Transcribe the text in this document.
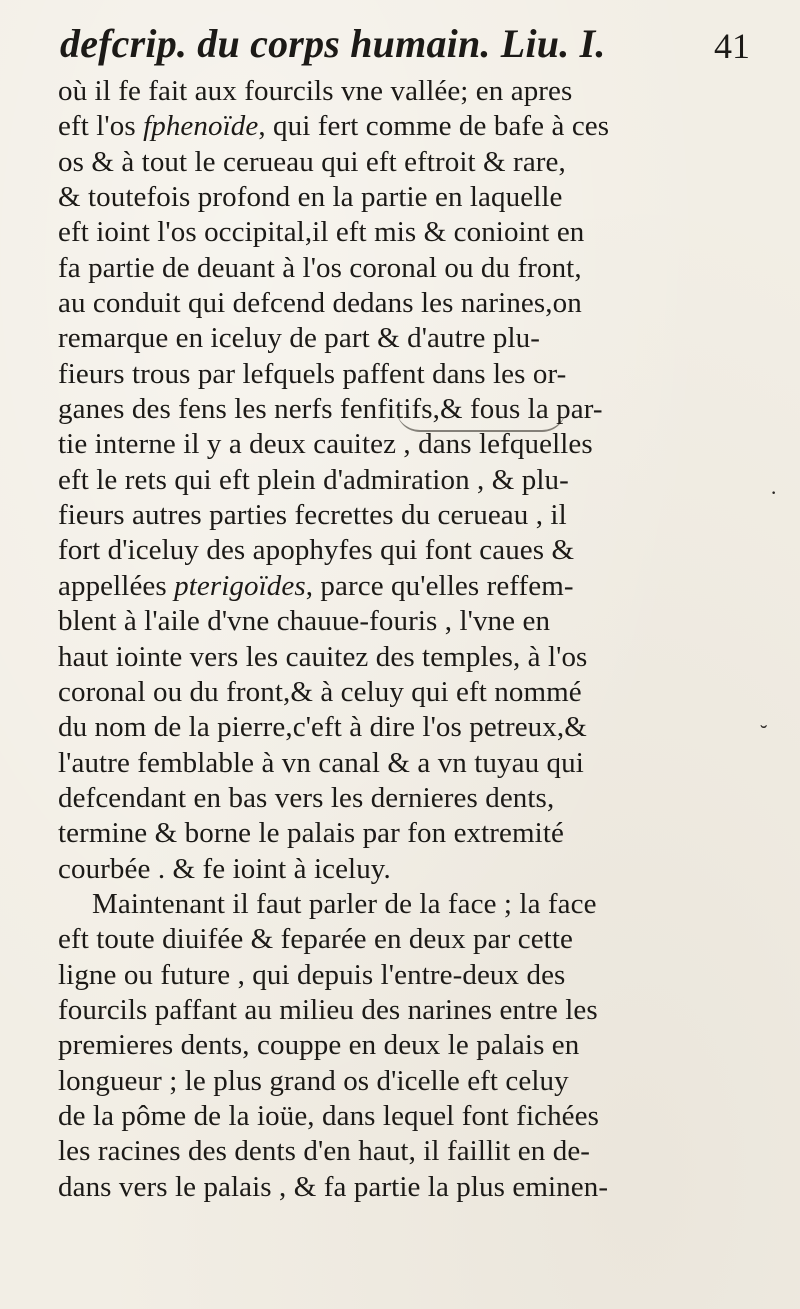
defcrip. du corps humain. Liu. I.	41
où il fe fait aux fourcils vne vallée; en apres
eft l'os fphenoïde, qui fert comme de bafe à ces
os & à tout le cerueau qui eft eftroit & rare,
& toutefois profond en la partie en laquelle
eft ioint l'os occipital,il eft mis & conioint en
fa partie de deuant à l'os coronal ou du front,
au conduit qui defcend dedans les narines,on
remarque en iceluy de part & d'autre plu-
fieurs trous par lefquels paffent dans les or-
ganes des fens les nerfs fenfitifs,& fous la par-
tie interne il y a deux cauitez , dans lefquelles
eft le rets qui eft plein d'admiration , & plu-
fieurs autres parties fecrettes du cerueau , il
fort d'iceluy des apophyfes qui font caues &
appellées pterigoïdes, parce qu'elles reffem-
blent à l'aile d'vne chauue-fouris , l'vne en
haut iointe vers les cauitez des temples, à l'os
coronal ou du front,& à celuy qui eft nommé
du nom de la pierre,c'eft à dire l'os petreux,&
l'autre femblable à vn canal & a vn tuyau qui
defcendant en bas vers les dernieres dents,
termine & borne le palais par fon extremité
courbée . & fe ioint à iceluy.
Maintenant il faut parler de la face ; la face
eft toute diuifée & feparée en deux par cette
ligne ou future , qui depuis l'entre-deux des
fourcils paffant au milieu des narines entre les
premieres dents, couppe en deux le palais en
longueur ; le plus grand os d'icelle eft celuy
de la pôme de la ioüe, dans lequel font fichées
les racines des dents d'en haut, il faillit en de-
dans vers le palais , & fa partie la plus eminen-
·
˘
